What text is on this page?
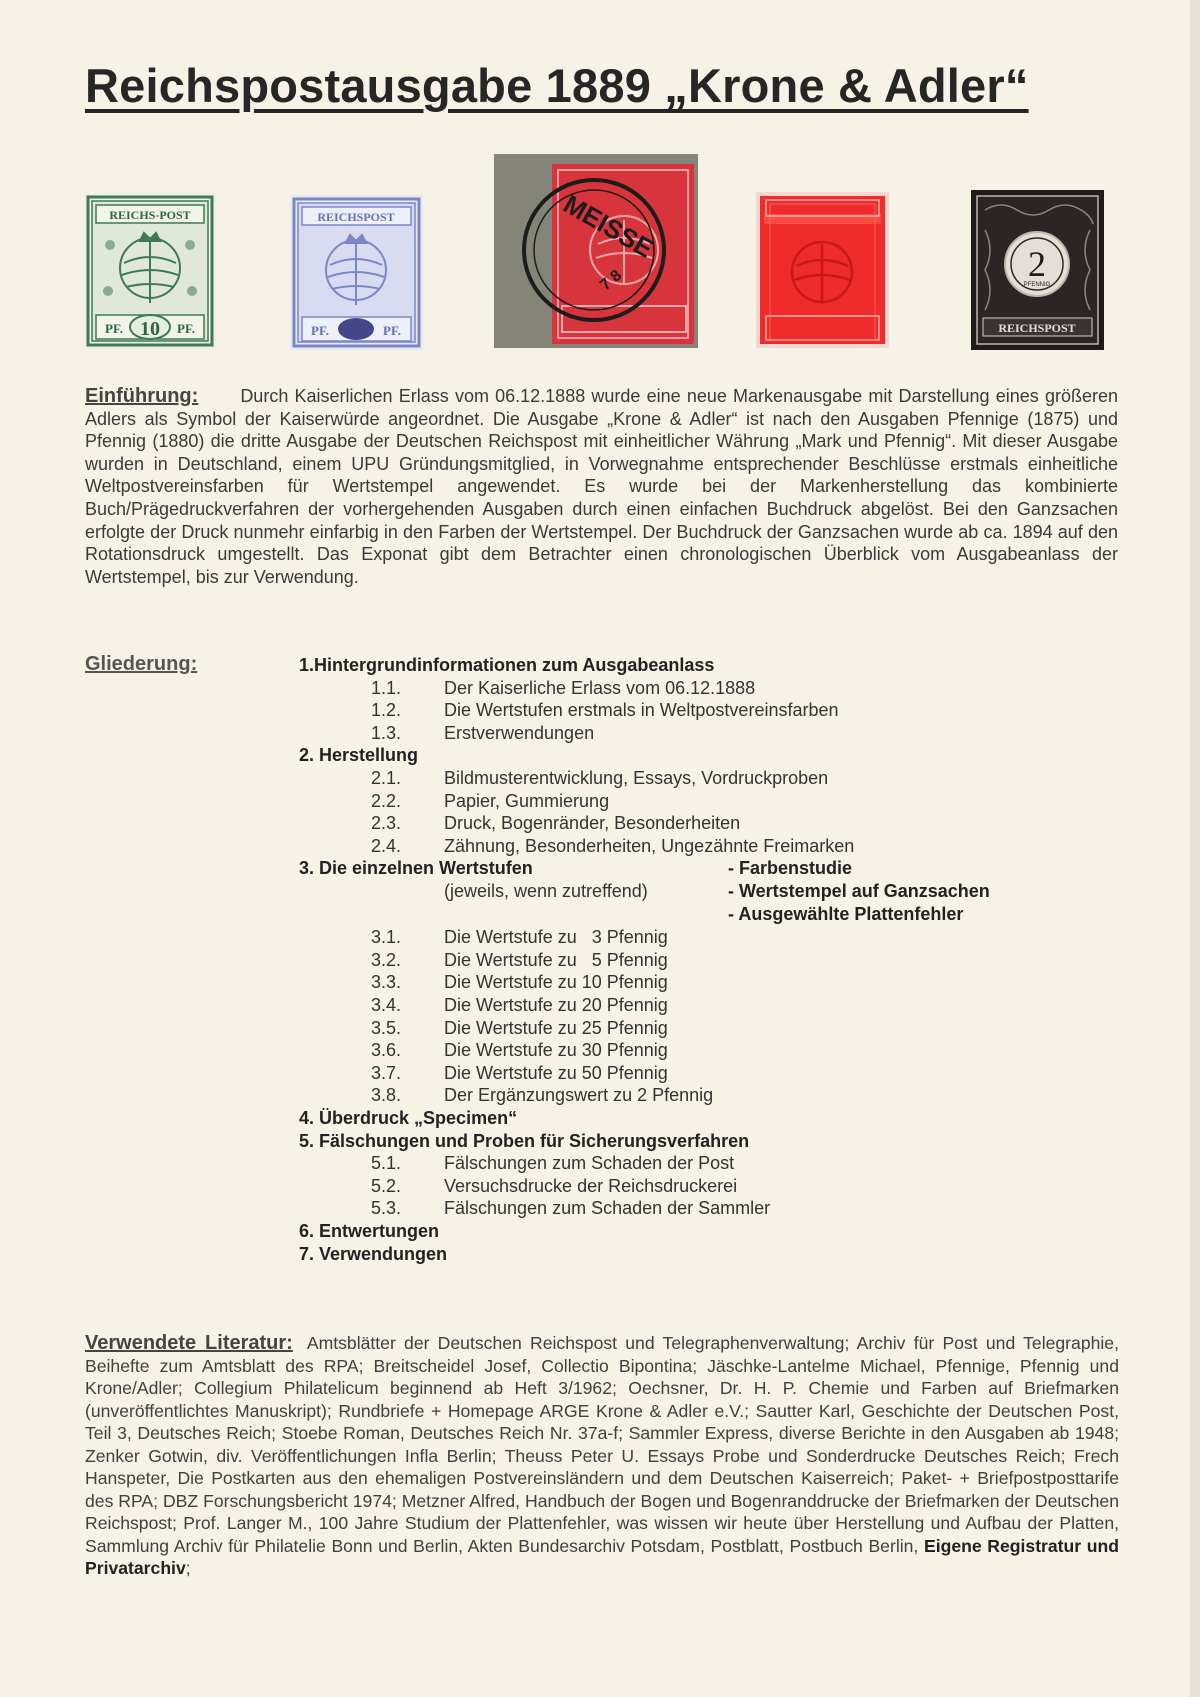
Reichspostausgabe 1889 „Krone & Adler“
REICHS-POST
PF. 10 PF.
REICHSPOST
PF.	PF.
MEISSE
7 8	2
PFENNIG
REICHSPOST
Einführung: Durch Kaiserlichen Erlass vom 06.12.1888 wurde eine neue Markenausgabe mit Darstellung eines größeren Adlers als Symbol der Kaiserwürde angeordnet. Die Ausgabe „Krone & Adler“ ist nach den Ausgaben Pfennige (1875) und Pfennig (1880) die dritte Ausgabe der Deutschen Reichspost mit einheitlicher Währung „Mark und Pfennig“. Mit dieser Ausgabe wurden in Deutschland, einem UPU Gründungsmitglied, in Vorwegnahme entsprechender Beschlüsse erstmals einheitliche Weltpostvereinsfarben für Wertstempel angewendet. Es wurde bei der Markenherstellung das kombinierte Buch/Prägedruckverfahren der vorhergehenden Ausgaben durch einen einfachen Buchdruck abgelöst. Bei den Ganzsachen erfolgte der Druck nunmehr einfarbig in den Farben der Wertstempel. Der Buchdruck der Ganzsachen wurde ab ca. 1894 auf den Rotationsdruck umgestellt. Das Exponat gibt dem Betrachter einen chronologischen Überblick vom Ausgabeanlass der Wertstempel, bis zur Verwendung.
Gliederung:	1.Hintergrundinformationen zum Ausgabeanlass
1.1. Der Kaiserliche Erlass vom 06.12.1888
1.2. Die Wertstufen erstmals in Weltpostvereinsfarben
1.3. Erstverwendungen
2. Herstellung
2.1. Bildmusterentwicklung, Essays, Vordruckproben
2.2. Papier, Gummierung
2.3. Druck, Bogenränder, Besonderheiten
2.4. Zähnung, Besonderheiten, Ungezähnte Freimarken
3. Die einzelnen Wertstufen	- Farbenstudie
(jeweils, wenn zutreffend)	- Wertstempel auf Ganzsachen
- Ausgewählte Plattenfehler
3.1. Die Wertstufe zu   3 Pfennig
3.2. Die Wertstufe zu   5 Pfennig
3.3. Die Wertstufe zu 10 Pfennig
3.4. Die Wertstufe zu 20 Pfennig
3.5. Die Wertstufe zu 25 Pfennig
3.6. Die Wertstufe zu 30 Pfennig
3.7. Die Wertstufe zu 50 Pfennig
3.8. Der Ergänzungswert zu 2 Pfennig
4. Überdruck „Specimen“
5. Fälschungen und Proben für Sicherungsverfahren
5.1. Fälschungen zum Schaden der Post
5.2. Versuchsdrucke der Reichsdruckerei
5.3. Fälschungen zum Schaden der Sammler
6. Entwertungen
7. Verwendungen
Verwendete Literatur: Amtsblätter der Deutschen Reichspost und Telegraphenverwaltung; Archiv für Post und Telegraphie, Beihefte zum Amtsblatt des RPA; Breitscheidel Josef, Collectio Bipontina; Jäschke-Lantelme Michael, Pfennige, Pfennig und Krone/Adler; Collegium Philatelicum beginnend ab Heft 3/1962; Oechsner, Dr. H. P. Chemie und Farben auf Briefmarken (unveröffentlichtes Manuskript); Rundbriefe + Homepage ARGE Krone & Adler e.V.; Sautter Karl, Geschichte der Deutschen Post, Teil 3, Deutsches Reich; Stoebe Roman, Deutsches Reich Nr. 37a-f; Sammler Express, diverse Berichte in den Ausgaben ab 1948; Zenker Gotwin, div. Veröffentlichungen Infla Berlin; Theuss Peter U. Essays Probe und Sonderdrucke Deutsches Reich; Frech Hanspeter, Die Postkarten aus den ehemaligen Postvereinsländern und dem Deutschen Kaiserreich; Paket- + Briefpostposttarife des RPA; DBZ Forschungsbericht 1974; Metzner Alfred, Handbuch der Bogen und Bogenranddrucke der Briefmarken der Deutschen Reichspost; Prof. Langer M., 100 Jahre Studium der Plattenfehler, was wissen wir heute über Herstellung und Aufbau der Platten, Sammlung Archiv für Philatelie Bonn und Berlin, Akten Bundesarchiv Potsdam, Postblatt, Postbuch Berlin, Eigene Registratur und Privatarchiv;
